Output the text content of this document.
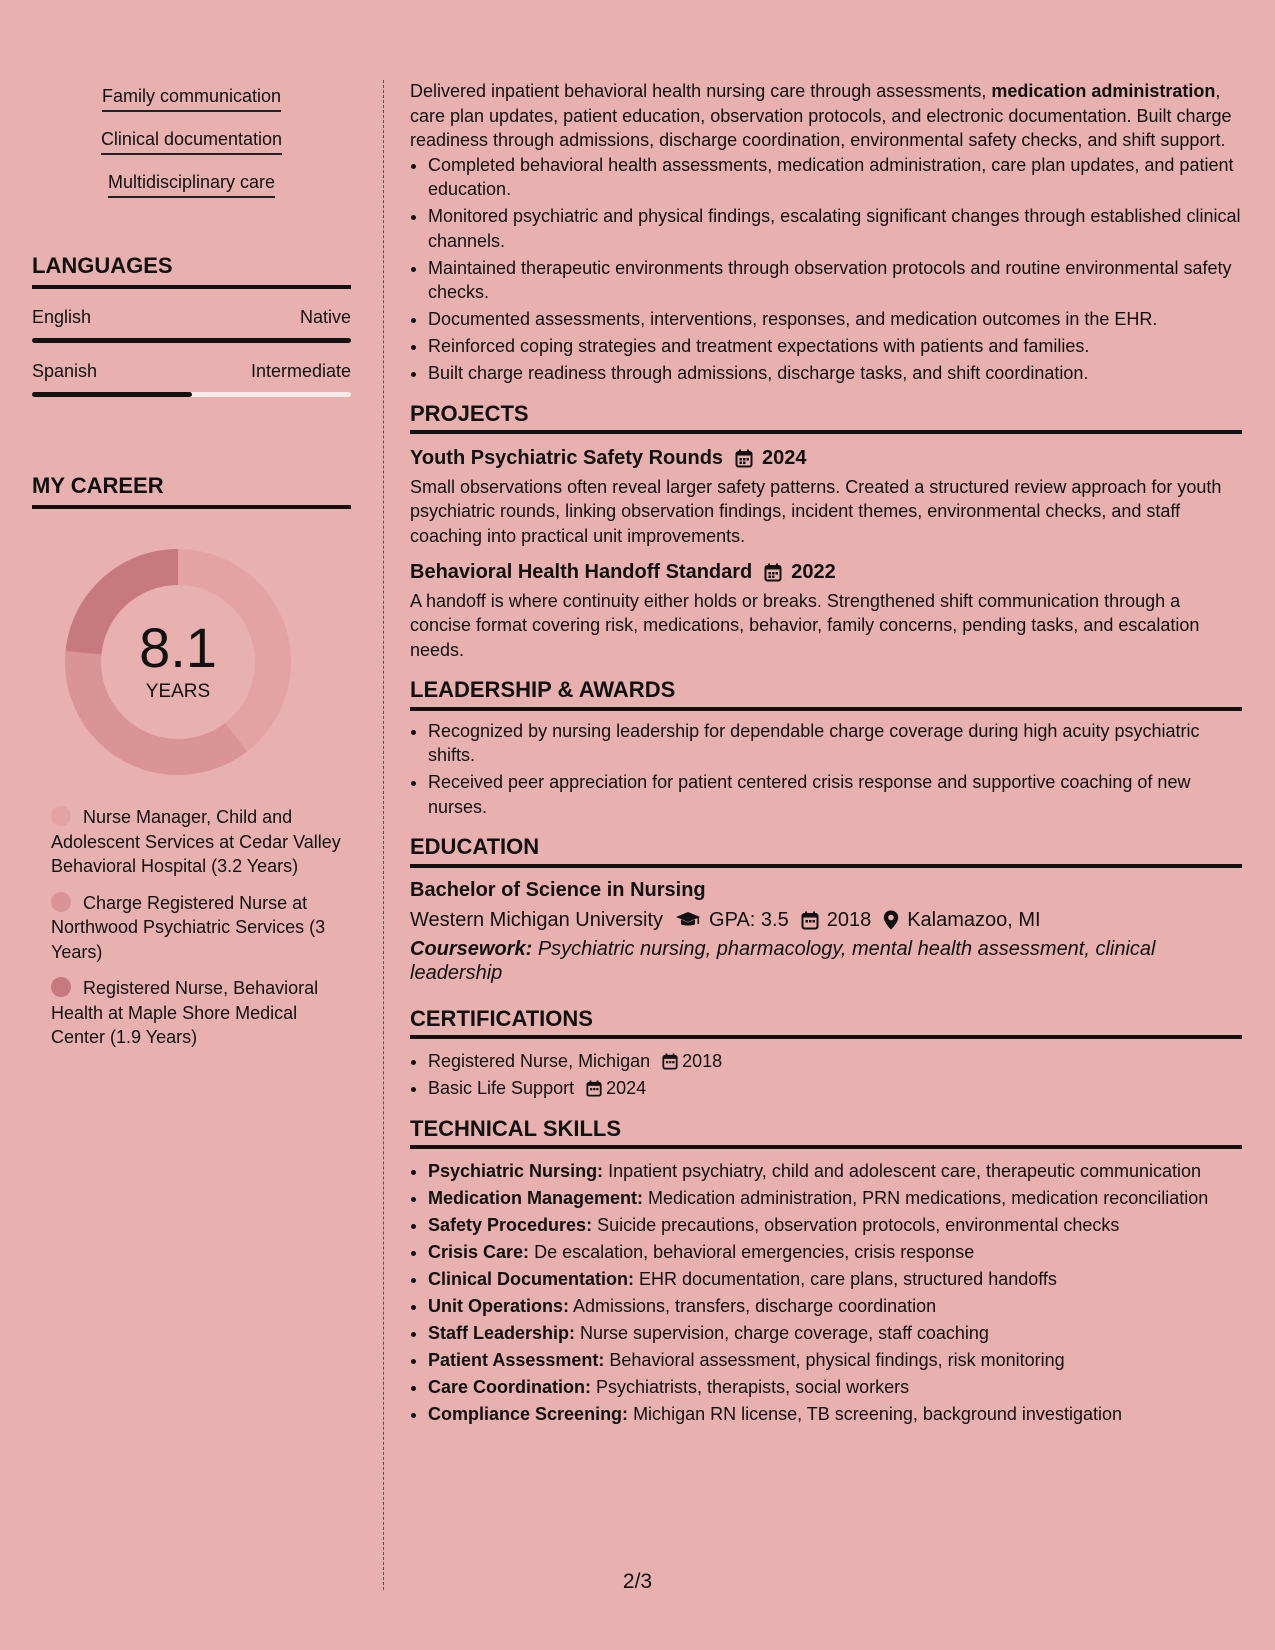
Family communication
Clinical documentation
Multidisciplinary care
LANGUAGES
English	Native
Spanish	Intermediate
MY CAREER
8.1
YEARS
Nurse Manager, Child and Adolescent Services at Cedar Valley Behavioral Hospital (3.2 Years)
Charge Registered Nurse at Northwood Psychiatric Services (3 Years)
Registered Nurse, Behavioral Health at Maple Shore Medical Center (1.9 Years)

Delivered inpatient behavioral health nursing care through assessments, medication administration, care plan updates, patient education, observation protocols, and electronic documentation. Built charge readiness through admissions, discharge coordination, environmental safety checks, and shift support.

• Completed behavioral health assessments, medication administration, care plan updates, and patient education.
• Monitored psychiatric and physical findings, escalating significant changes through established clinical channels.
• Maintained therapeutic environments through observation protocols and routine environmental safety checks.
• Documented assessments, interventions, responses, and medication outcomes in the EHR.
• Reinforced coping strategies and treatment expectations with patients and families.
• Built charge readiness through admissions, discharge tasks, and shift coordination.
PROJECTS
Youth Psychiatric Safety Rounds 2024

Small observations often reveal larger safety patterns. Created a structured review approach for youth psychiatric rounds, linking observation findings, incident themes, environmental checks, and staff coaching into practical unit improvements.

Behavioral Health Handoff Standard 2022

A handoff is where continuity either holds or breaks. Strengthened shift communication through a concise format covering risk, medications, behavior, family concerns, pending tasks, and escalation needs.

LEADERSHIP & AWARDS
• Recognized by nursing leadership for dependable charge coverage during high acuity psychiatric shifts.
• Received peer appreciation for patient centered crisis response and supportive coaching of new nurses.
EDUCATION
Bachelor of Science in Nursing
Western Michigan University GPA: 3.5 2018 Kalamazoo, MI
Coursework: Psychiatric nursing, pharmacology, mental health assessment, clinical leadership
CERTIFICATIONS
• Registered Nurse, Michigan 2018
• Basic Life Support 2024
TECHNICAL SKILLS
• Psychiatric Nursing: Inpatient psychiatry, child and adolescent care, therapeutic communication
• Medication Management: Medication administration, PRN medications, medication reconciliation
• Safety Procedures: Suicide precautions, observation protocols, environmental checks
• Crisis Care: De escalation, behavioral emergencies, crisis response
• Clinical Documentation: EHR documentation, care plans, structured handoffs
• Unit Operations: Admissions, transfers, discharge coordination
• Staff Leadership: Nurse supervision, charge coverage, staff coaching
• Patient Assessment: Behavioral assessment, physical findings, risk monitoring
• Care Coordination: Psychiatrists, therapists, social workers
• Compliance Screening: Michigan RN license, TB screening, background investigation
2/3
